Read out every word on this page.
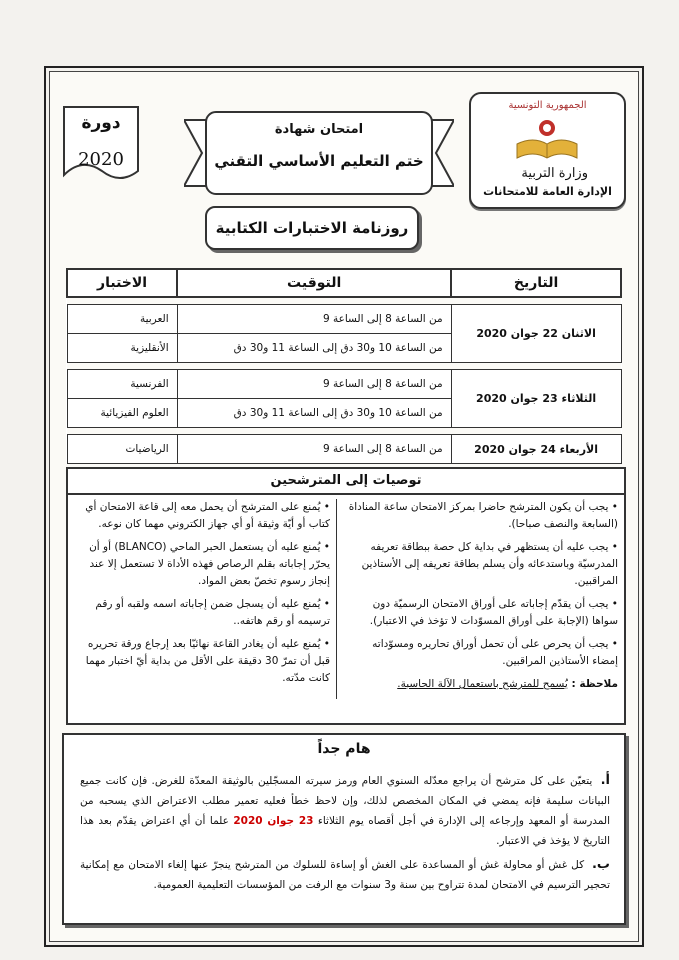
الجمهورية التونسية
وزارة التربية
الإدارة العامة للامتحانات
امتحان شهادة
ختم التعليم الأساسي التقني
دورة
2020
روزنامة الاختبارات الكتابية
التاريخ	التوقيت	الاختبار

الاثنان 22 جوان 2020	من الساعة 8 إلى الساعة 9	العربية
	من الساعة 10 و30 دق إلى الساعة 11 و30 دق	الأنقليزية

الثلاثاء 23 جوان 2020	من الساعة 8 إلى الساعة 9	الفرنسية
	من الساعة 10 و30 دق إلى الساعة 11 و30 دق	العلوم الفيزيائية

الأربعاء 24 جوان 2020	من الساعة 8 إلى الساعة 9	الرياضيات
توصيات إلى المترشحين
• يجب أن يكون المترشح حاضرا بمركز الامتحان ساعة المناداة (السابعة والنصف صباحا).
• يجب عليه أن يستظهر في بداية كل حصة ببطاقة تعريفه المدرسيّة وباستدعائه وأن يسلم بطاقة تعريفه إلى الأستاذين المراقبين.
• يجب أن يقدّم إجاباته على أوراق الامتحان الرسميّة دون سواها (الإجابة على أوراق المسوّدات لا تؤخذ في الاعتبار).
• يجب أن يحرص على أن تحمل أوراق تحاريره ومسوّداته إمضاء الأستاذين المراقبين.
ملاحظة : يُسمح للمترشح باستعمال الآلة الحاسبة.
• يُمنع على المترشح أن يحمل معه إلى قاعة الامتحان أي كتاب أو أيّة وثيقة أو أي جهاز الكتروني مهما كان نوعه.
• يُمنع عليه أن يستعمل الحبر الماحي (BLANCO) أو أن يحرّر إجاباته بقلم الرصاص فهذه الأداة لا تستعمل إلا عند إنجاز رسوم تخصّ بعض المواد.
• يُمنع عليه أن يسجل ضمن إجاباته اسمه ولقبه أو رقم ترسيمه أو رقم هاتفه..
• يُمنع عليه أن يغادر القاعة نهائيّا بعد إرجاع ورقة تحريره قبل أن تمرّ 30 دقيقة على الأقل من بداية أيّ اختبار مهما كانت مدّته.
هام جداً
أ. يتعيّن على كل مترشح أن يراجع معدّله السنوي العام ورمز سيرته المسجّلين بالوثيقة المعدّة للغرض. فإن كانت جميع البيانات سليمة فإنه يمضي في المكان المخصص لذلك، وإن لاحظ خطأ فعليه تعمير مطلب الاعتراض الذي يسحبه من المدرسة أو المعهد وإرجاعه إلى الإدارة في أجل أقصاه يوم الثلاثاء 23 جوان 2020 علما أن أي اعتراض يقدّم بعد هذا التاريخ لا يؤخذ في الاعتبار.
ب. كل غش أو محاولة غش أو المساعدة على الغش أو إساءة للسلوك من المترشح ينجرّ عنها إلغاء الامتحان مع إمكانية تحجير الترسيم في الامتحان لمدة تتراوح بين سنة و3 سنوات مع الرفت من المؤسسات التعليمية العمومية.
